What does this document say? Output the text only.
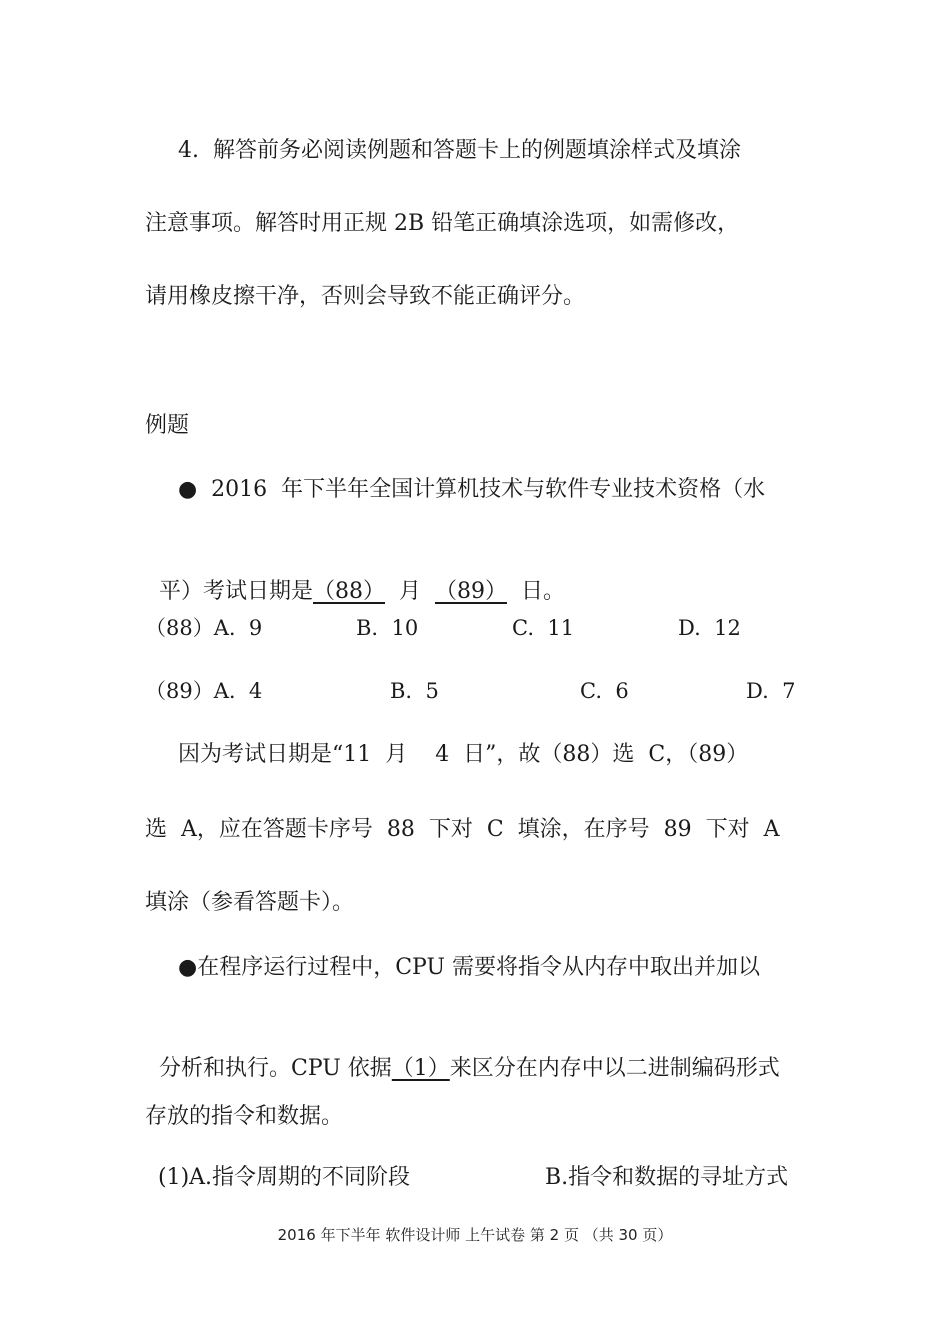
4.  解答前务必阅读例题和答题卡上的例题填涂样式及填涂
注意事项。解答时用正规 2B 铅笔正确填涂选项，如需修改，
请用橡皮擦干净，否则会导致不能正确评分。
例题
●  2016  年下半年全国计算机技术与软件专业技术资格（水

平）考试日期是（88）  月  （89）  日。

（88）A.  9	B.  10	C.  11	D.  12
（89）A.  4	B.  5	C.  6	D.  7
因为考试日期是“11  月    4  日”，故（88）选  C，（89）
选  A，应在答题卡序号  88  下对  C  填涂，在序号  89  下对  A
填涂（参看答题卡）。
●在程序运行过程中，CPU 需要将指令从内存中取出并加以

分析和执行。CPU 依据（1）来区分在内存中以二进制编码形式

存放的指令和数据。
(1)A.指令周期的不同阶段	B.指令和数据的寻址方式
2016 年下半年 软件设计师 上午试卷 第 2 页 （共 30 页）
